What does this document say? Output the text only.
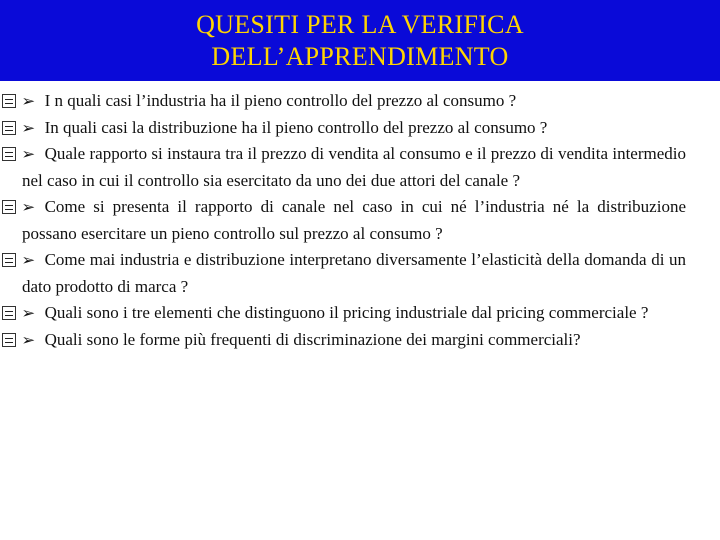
QUESITI PER LA VERIFICA
DELL’APPRENDIMENTO
➢ I n quali casi l’industria ha il pieno controllo del prezzo al consumo ?
➢ In quali casi la distribuzione ha il pieno controllo del prezzo al consumo ?
➢ Quale rapporto si instaura tra il prezzo di vendita al consumo e il prezzo di vendita intermedio nel caso in cui il controllo sia esercitato da uno dei due attori del canale ?
➢ Come si presenta il rapporto di canale nel caso in cui né l’industria né la distribuzione possano esercitare un pieno controllo sul prezzo al consumo ?
➢ Come mai industria e distribuzione interpretano diversamente l’elasticità della domanda di un dato prodotto di marca ?
➢ Quali sono i tre elementi che distinguono il pricing industriale dal pricing commerciale ?
➢ Quali sono le forme più frequenti di discriminazione dei margini commerciali?
